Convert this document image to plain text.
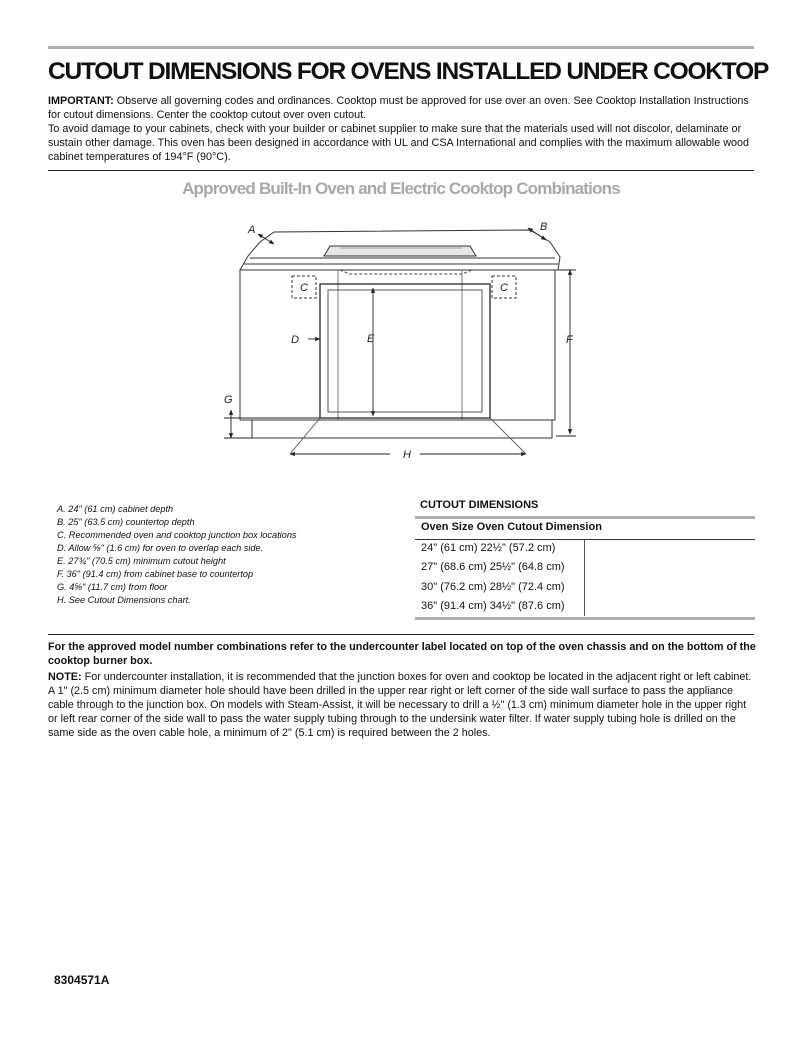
CUTOUT DIMENSIONS FOR OVENS INSTALLED UNDER COOKTOP

IMPORTANT: Observe all governing codes and ordinances. Cooktop must be approved for use over an oven. See Cooktop Installation Instructions for cutout dimensions. Center the cooktop cutout over oven cutout.

To avoid damage to your cabinets, check with your builder or cabinet supplier to make sure that the materials used will not discolor, delaminate or sustain other damage. This oven has been designed in accordance with UL and CSA International and complies with the maximum allowable wood cabinet temperatures of 194°F (90°C).

Approved Built-In Oven and Electric Cooktop Combinations
A	B
C	C
D	E	F
G
H
A. 24" (61 cm) cabinet depth
B. 25" (63.5 cm) countertop depth
C. Recommended oven and cooktop junction box locations
D. Allow ⅝" (1.6 cm) for oven to overlap each side.
E. 27¾" (70.5 cm) minimum cutout height
F. 36" (91.4 cm) from cabinet base to countertop
G. 4⅝" (11.7 cm) from floor
H. See Cutout Dimensions chart.
CUTOUT DIMENSIONS
Oven Size Oven Cutout Dimension
24" (61 cm) 22½" (57.2 cm)
27" (68.6 cm) 25½" (64.8 cm)
30" (76.2 cm) 28½" (72.4 cm)
36" (91.4 cm) 34½" (87.6 cm)

For the approved model number combinations refer to the undercounter label located on top of the oven chassis and on the bottom of the cooktop burner box.

NOTE: For undercounter installation, it is recommended that the junction boxes for oven and cooktop be located in the adjacent right or left cabinet. A 1" (2.5 cm) minimum diameter hole should have been drilled in the upper rear right or left corner of the side wall surface to pass the appliance cable through to the junction box. On models with Steam-Assist, it will be necessary to drill a ½" (1.3 cm) minimum diameter hole in the upper right or left rear corner of the side wall to pass the water supply tubing through to the undersink water filter. If water supply tubing hole is drilled on the same side as the oven cable hole, a minimum of 2" (5.1 cm) is required between the 2 holes.

8304571A
